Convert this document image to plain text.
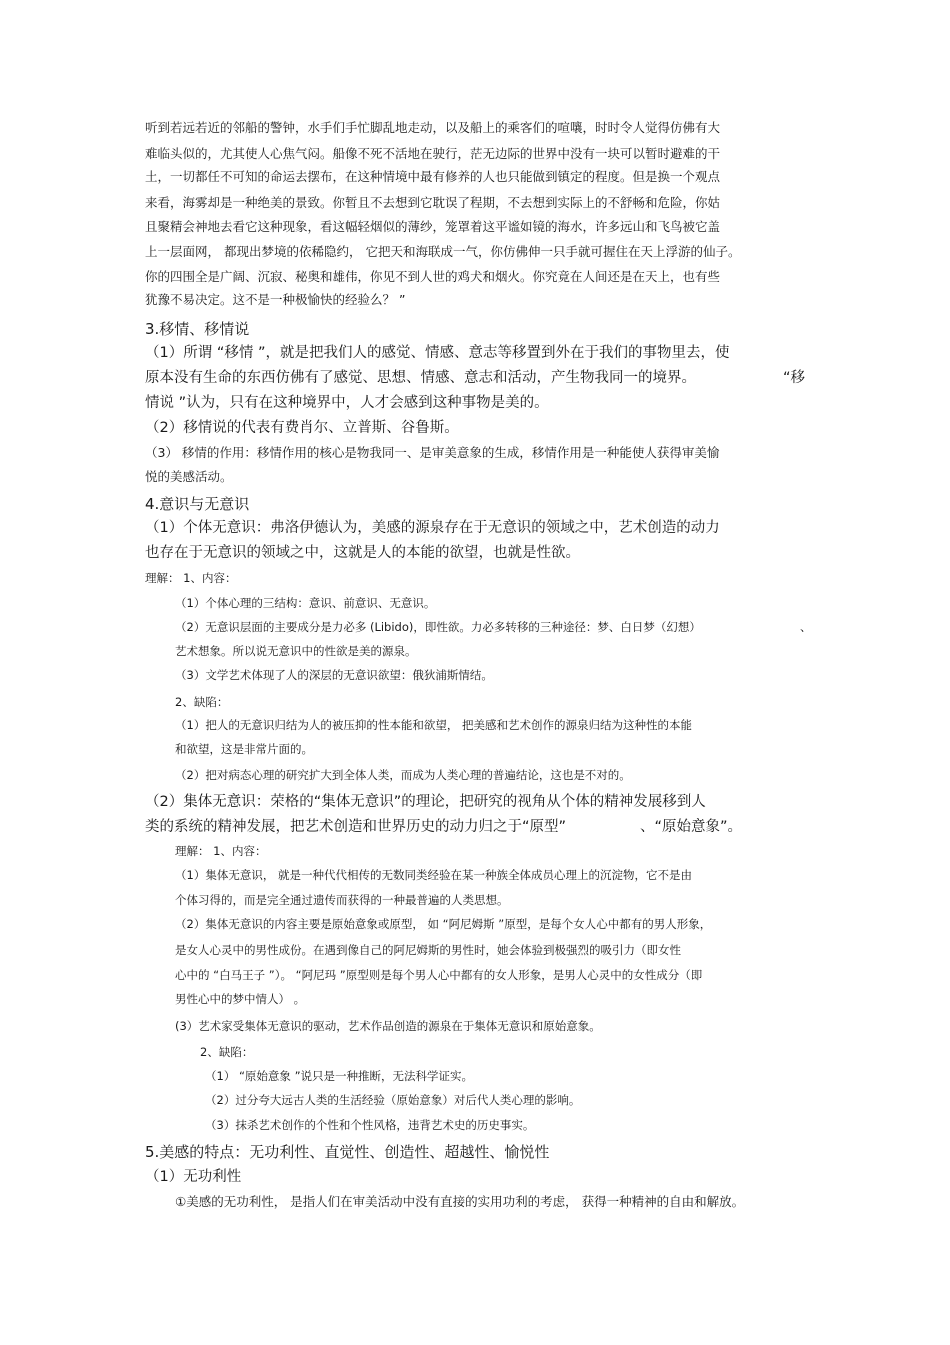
听到若远若近的邻船的警钟，水手们手忙脚乱地走动，以及船上的乘客们的喧嚷，时时令人觉得仿佛有大
难临头似的，尤其使人心焦气闷。船像不死不活地在驶行，茫无边际的世界中没有一块可以暂时避难的干
土，一切都任不可知的命运去摆布，在这种情境中最有修养的人也只能做到镇定的程度。但是换一个观点
来看，海雾却是一种绝美的景致。你暂且不去想到它耽误了程期，不去想到实际上的不舒畅和危险，你姑
且聚精会神地去看它这种现象，看这幅轻烟似的薄纱，笼罩着这平谧如镜的海水，许多远山和飞鸟被它盖
上一层面网， 都现出梦境的依稀隐约， 它把天和海联成一气，你仿佛伸一只手就可握住在天上浮游的仙子。
你的四围全是广阔、沉寂、秘奥和雄伟，你见不到人世的鸡犬和烟火。你究竟在人间还是在天上，也有些
犹豫不易决定。这不是一种极愉快的经验么？ ”
3.移情、移情说
（1）所谓 “移情 ”，就是把我们人的感觉、情感、意志等移置到外在于我们的事物里去，使
原本没有生命的东西仿佛有了感觉、思想、情感、意志和活动，产生物我同一的境界。	“移
情说 ”认为，只有在这种境界中，人才会感到这种事物是美的。
（2）移情说的代表有费肖尔、立普斯、谷鲁斯。
（3） 移情的作用：移情作用的核心是物我同一、是审美意象的生成，移情作用是一种能使人获得审美愉
悦的美感活动。
4.意识与无意识
（1）个体无意识：弗洛伊德认为，美感的源泉存在于无意识的领域之中，艺术创造的动力
也存在于无意识的领域之中，这就是人的本能的欲望，也就是性欲。
理解： 1、内容：
（1）个体心理的三结构：意识、前意识、无意识。
（2）无意识层面的主要成分是力必多 (Libido)，即性欲。力必多转移的三种途径：梦、白日梦（幻想）	、
艺术想象。所以说无意识中的性欲是美的源泉。
（3）文学艺术体现了人的深层的无意识欲望：俄狄浦斯情结。
2、缺陷：
（1）把人的无意识归结为人的被压抑的性本能和欲望， 把美感和艺术创作的源泉归结为这种性的本能
和欲望，这是非常片面的。
（2）把对病态心理的研究扩大到全体人类，而成为人类心理的普遍结论，这也是不对的。
（2）集体无意识：荣格的“集体无意识”的理论，把研究的视角从个体的精神发展移到人
类的系统的精神发展，把艺术创造和世界历史的动力归之于“原型”	、“原始意象”。
理解： 1、内容：
（1）集体无意识， 就是一种代代相传的无数同类经验在某一种族全体成员心理上的沉淀物，它不是由
个体习得的，而是完全通过遗传而获得的一种最普遍的人类思想。
（2）集体无意识的内容主要是原始意象或原型， 如 “阿尼姆斯 ”原型，是每个女人心中都有的男人形象，
是女人心灵中的男性成份。在遇到像自己的阿尼姆斯的男性时，她会体验到极强烈的吸引力（即女性
心中的 “白马王子 ”）。 “阿尼玛 ”原型则是每个男人心中都有的女人形象，是男人心灵中的女性成分（即
男性心中的梦中情人） 。
(3）艺术家受集体无意识的驱动，艺术作品创造的源泉在于集体无意识和原始意象。
2、缺陷：
（1） “原始意象 ”说只是一种推断，无法科学证实。
（2）过分夸大远古人类的生活经验（原始意象）对后代人类心理的影响。
（3）抹杀艺术创作的个性和个性风格，违背艺术史的历史事实。
5.美感的特点：无功利性、直觉性、创造性、超越性、愉悦性
（1）无功利性
①美感的无功利性， 是指人们在审美活动中没有直接的实用功利的考虑， 获得一种精神的自由和解放。
